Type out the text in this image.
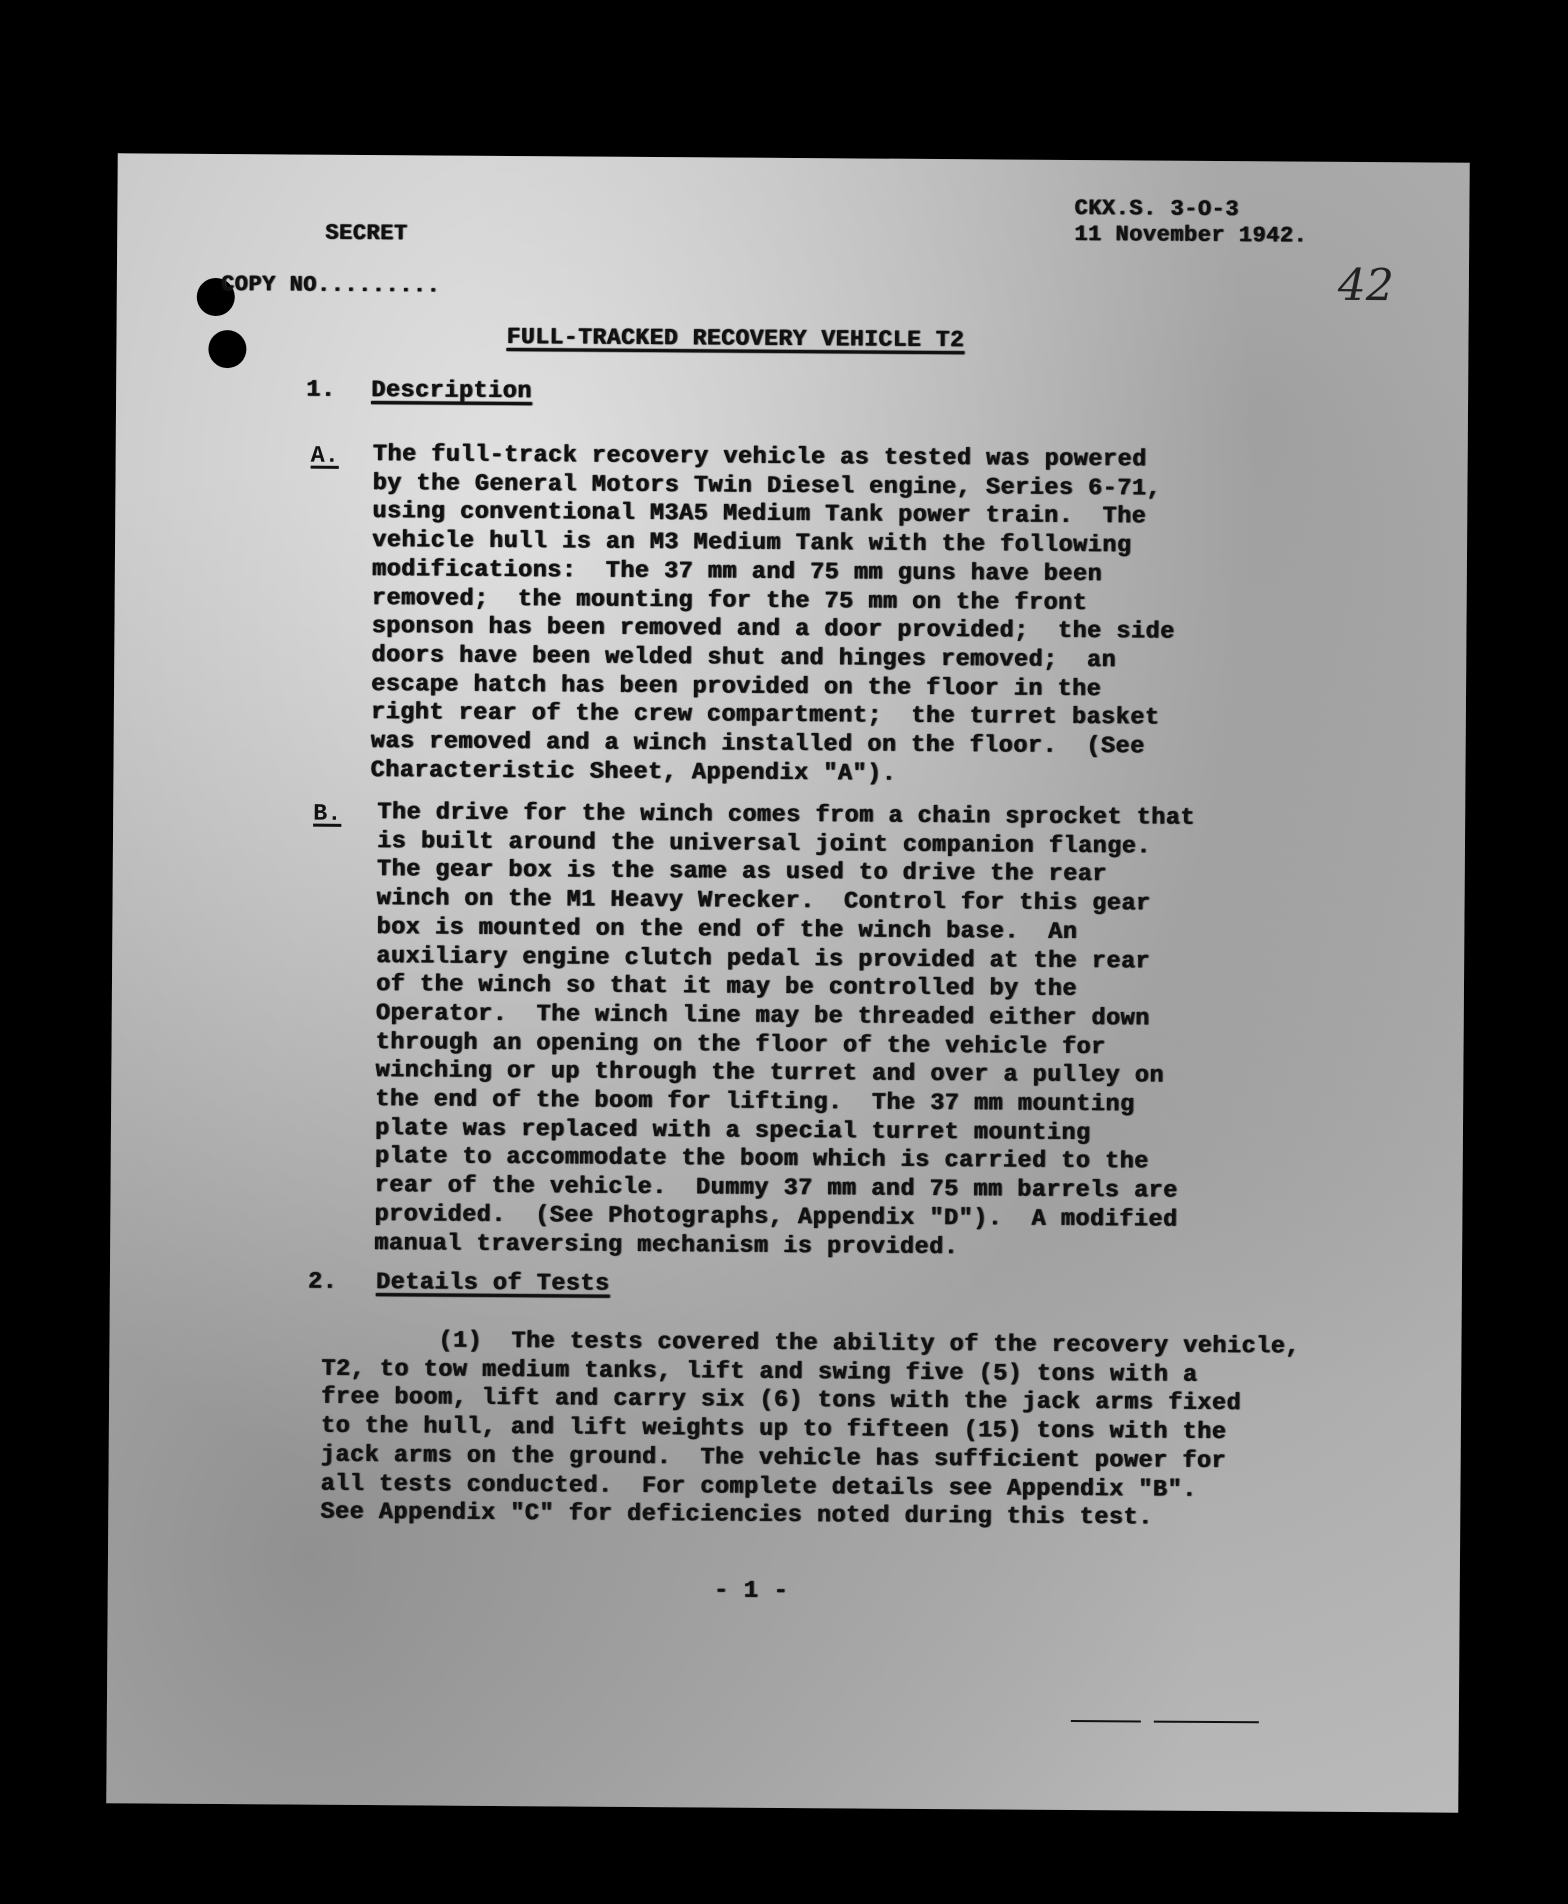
SECRET
CKX.S. 3-O-3
11 November 1942.
42
COPY NO.........
FULL-TRACKED RECOVERY VEHICLE T2
1. Description
A. The full-track recovery vehicle as tested was powered
by the General Motors Twin Diesel engine, Series 6-71,
using conventional M3A5 Medium Tank power train.  The
vehicle hull is an M3 Medium Tank with the following
modifications:  The 37 mm and 75 mm guns have been
removed;  the mounting for the 75 mm on the front
sponson has been removed and a door provided;  the side
doors have been welded shut and hinges removed;  an
escape hatch has been provided on the floor in the
right rear of the crew compartment;  the turret basket
was removed and a winch installed on the floor.  (See
Characteristic Sheet, Appendix "A").
B. The drive for the winch comes from a chain sprocket that
is built around the universal joint companion flange.
The gear box is the same as used to drive the rear
winch on the M1 Heavy Wrecker.  Control for this gear
box is mounted on the end of the winch base.  An
auxiliary engine clutch pedal is provided at the rear
of the winch so that it may be controlled by the
Operator.  The winch line may be threaded either down
through an opening on the floor of the vehicle for
winching or up through the turret and over a pulley on
the end of the boom for lifting.  The 37 mm mounting
plate was replaced with a special turret mounting
plate to accommodate the boom which is carried to the
rear of the vehicle.  Dummy 37 mm and 75 mm barrels are
provided.  (See Photographs, Appendix "D").  A modified
manual traversing mechanism is provided.
2. Details of Tests
(1)  The tests covered the ability of the recovery vehicle,
T2, to tow medium tanks, lift and swing five (5) tons with a
free boom, lift and carry six (6) tons with the jack arms fixed
to the hull, and lift weights up to fifteen (15) tons with the
jack arms on the ground.  The vehicle has sufficient power for
all tests conducted.  For complete details see Appendix "B".
See Appendix "C" for deficiencies noted during this test.
- 1 -
